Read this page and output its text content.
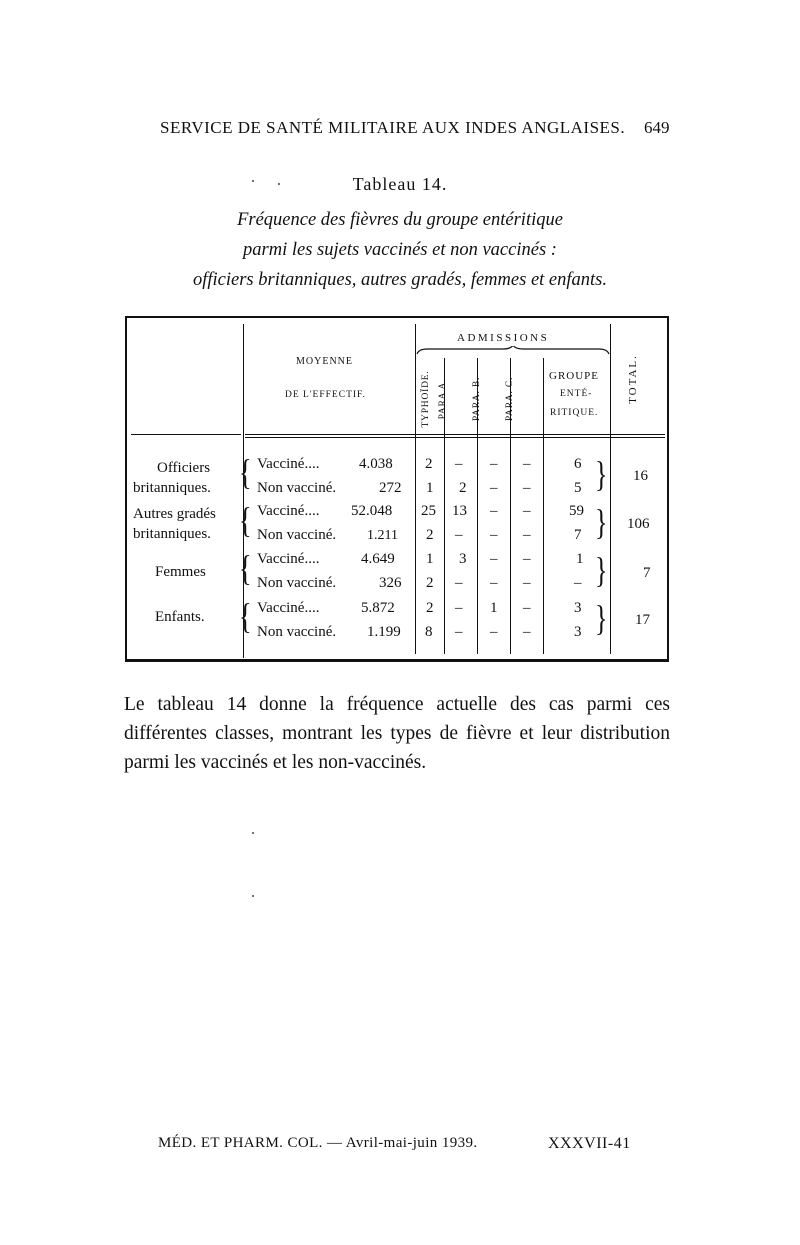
SERVICE DE SANTÉ MILITAIRE AUX INDES ANGLAISES. 649
Tableau 14.
Fréquence des fièvres du groupe entéritique
parmi les sujets vaccinés et non vaccinés :
officiers britanniques, autres gradés, femmes et enfants.
MOYENNE
DE L'EFFECTIF.
ADMISSIONS
TYPHOÏDE. PARA A.	PARA. B.	PARA. C.
GROUPE
ENTÉ-
RITIQUE.
TOTAL.
Officiers
britanniques. { Vacciné....	4.038 2 – – –	6
Non vacciné.	272 1 2 – –	5 } 16
Autres gradés
britanniques. { Vacciné.... 52.048 25 13 – –	59
Non vacciné. 1.211 2 – – –	7 } 106
Femmes { Vacciné....	4.649 1 3 – –	1
Non vacciné.	326 2 – – –	– } 7
Enfants. { Vacciné....	5.872 2 – 1 –	3
Non vacciné. 1.199 8 – – –	3 } 17

Le tableau 14 donne la fréquence actuelle des cas parmi ces différentes classes, montrant les types de fièvre et leur distribution parmi les vaccinés et les non-vaccinés.

MÉD. ET PHARM. COL. — Avril-mai-juin 1939.	XXXVII-41
